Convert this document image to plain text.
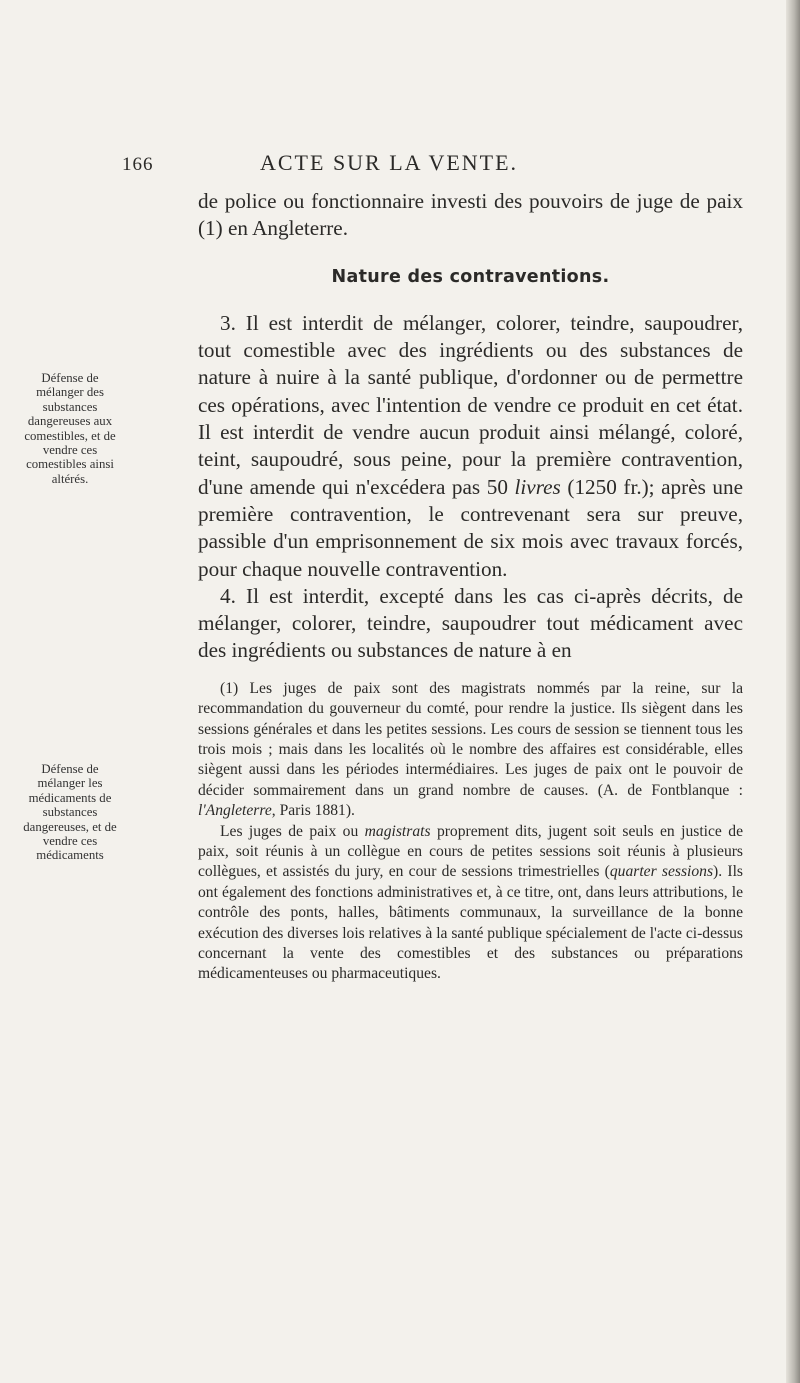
166	ACTE SUR LA VENTE.
Défense de mélanger des substances dangereuses aux comestibles, et de vendre ces comestibles ainsi altérés.
Défense de mélanger les médicaments de substances dangereuses, et de vendre ces médicaments

de police ou fonctionnaire investi des pouvoirs de juge de paix (1) en Angleterre.

Nature des contraventions.

3. Il est interdit de mélanger, colorer, teindre, saupoudrer, tout comestible avec des ingrédients ou des substances de nature à nuire à la santé publique, d'ordonner ou de permettre ces opérations, avec l'intention de vendre ce produit en cet état. Il est interdit de vendre aucun produit ainsi mélangé, coloré, teint, saupoudré, sous peine, pour la première contravention, d'une amende qui n'excédera pas 50 livres (1250 fr.); après une première contravention, le contrevenant sera sur preuve, passible d'un emprisonnement de six mois avec travaux forcés, pour chaque nouvelle contravention.

4. Il est interdit, excepté dans les cas ci-après décrits, de mélanger, colorer, teindre, saupoudrer tout médicament avec des ingrédients ou substances de nature à en

(1) Les juges de paix sont des magistrats nommés par la reine, sur la recommandation du gouverneur du comté, pour rendre la justice. Ils siègent dans les sessions générales et dans les petites sessions. Les cours de session se tiennent tous les trois mois ; mais dans les localités où le nombre des affaires est considérable, elles siègent aussi dans les périodes intermédiaires. Les juges de paix ont le pouvoir de décider sommairement dans un grand nombre de causes. (A. de Fontblanque : l'Angleterre, Paris 1881).

Les juges de paix ou magistrats proprement dits, jugent soit seuls en justice de paix, soit réunis à un collègue en cours de petites sessions soit réunis à plusieurs collègues, et assistés du jury, en cour de sessions trimestrielles (quarter sessions). Ils ont également des fonctions administratives et, à ce titre, ont, dans leurs attributions, le contrôle des ponts, halles, bâtiments communaux, la surveillance de la bonne exécution des diverses lois relatives à la santé publique spécialement de l'acte ci-dessus concernant la vente des comestibles et des substances ou préparations médicamenteuses ou pharmaceutiques.
